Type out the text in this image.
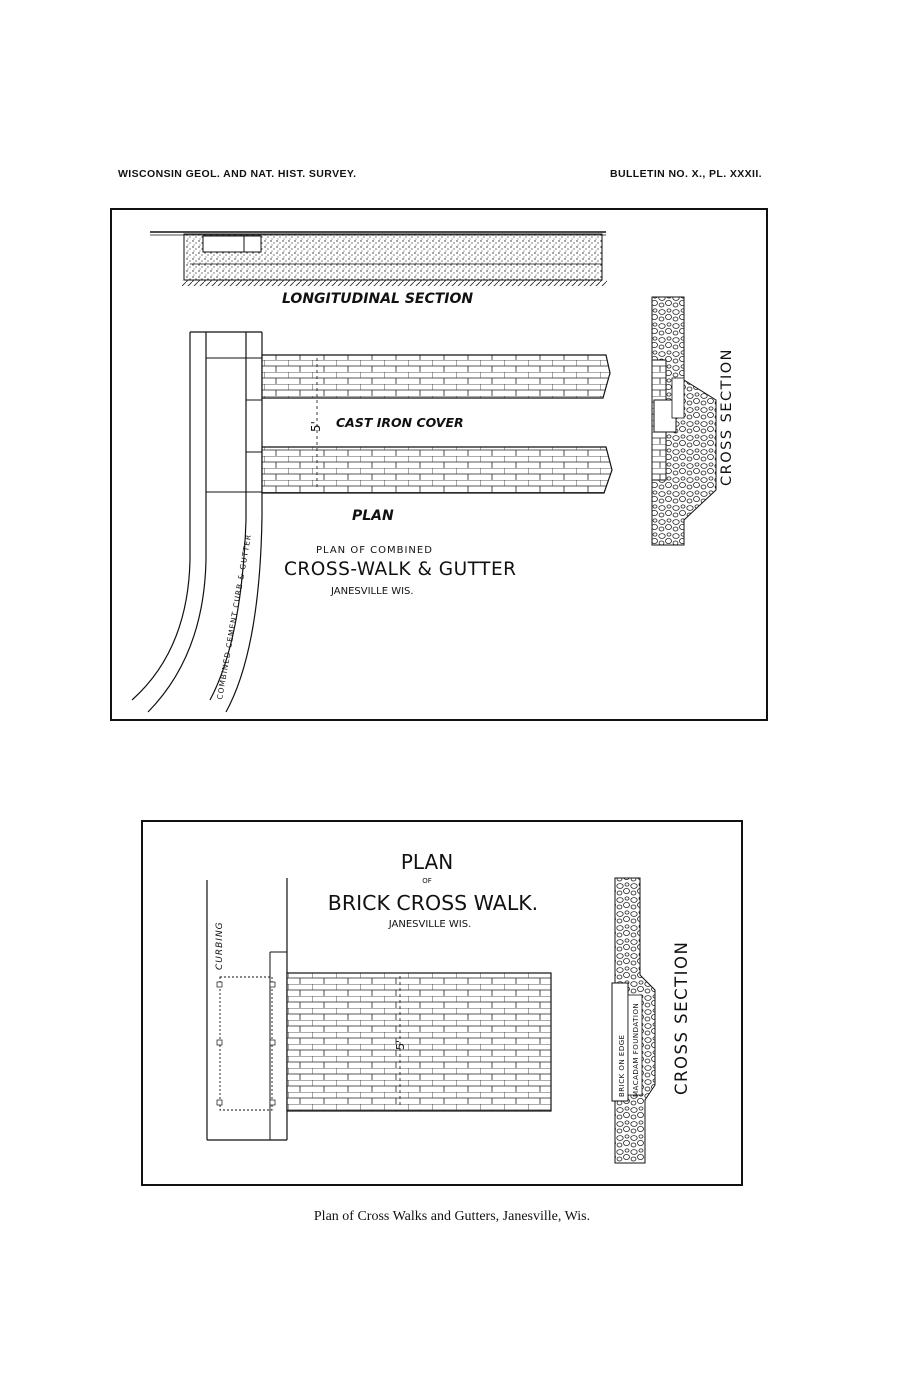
WISCONSIN GEOL. AND NAT. HIST. SURVEY.	BULLETIN NO. X., PL. XXXII.
LONGITUDINAL SECTION
COMBINED CEMENT CURB & GUTTER
5' CAST IRON COVER
PLAN
PLAN OF COMBINED
CROSS-WALK & GUTTER
JANESVILLE WIS.
CROSS SECTION
PLAN
OF
BRICK CROSS WALK.
JANESVILLE WIS.
CURBING
5'	BRICK ON EDGE MACADAM FOUNDATION CROSS SECTION
Plan of Cross Walks and Gutters, Janesville, Wis.
